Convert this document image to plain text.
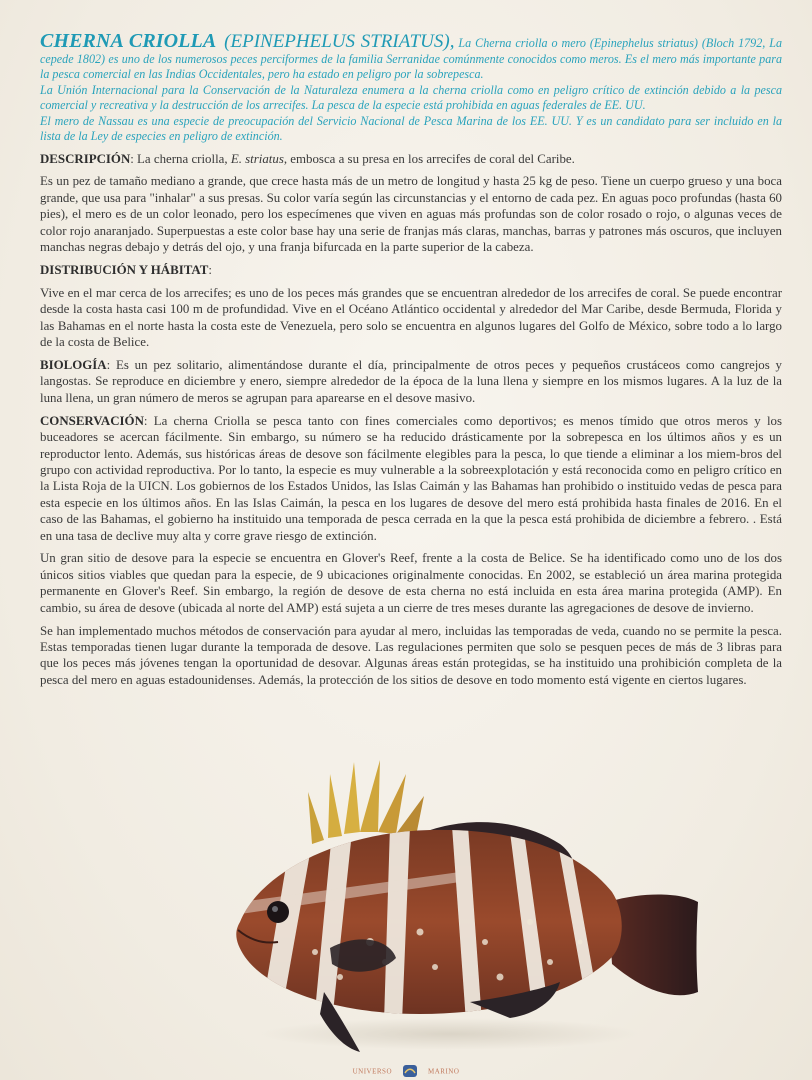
CHERNA CRIOLLA (EPINEPHELUS STRIATUS), La Cherna criolla o mero (Epinephelus striatus) (Bloch 1792, La cepede 1802) es uno de los numerosos peces perciformes de la familia Serranidae comúnmente conocidos como meros. Es el mero más importante para la pesca comercial en las Indias Occidentales, pero ha estado en peligro por la sobrepesca.

La Unión Internacional para la Conservación de la Naturaleza enumera a la cherna criolla como en peligro crítico de extinción debido a la pesca comercial y recreativa y la destrucción de los arrecifes. La pesca de la especie está prohibida en aguas federales de EE. UU.

El mero de Nassau es una especie de preocupación del Servicio Nacional de Pesca Marina de los EE. UU. Y es un candidato para ser incluido en la lista de la Ley de especies en peligro de extinción.

DESCRIPCIÓN: La cherna criolla, E. striatus, embosca a su presa en los arrecifes de coral del Caribe.

Es un pez de tamaño mediano a grande, que crece hasta más de un metro de longitud y hasta 25 kg de peso. Tiene un cuerpo grueso y una boca grande, que usa para "inhalar" a sus presas. Su color varía según las circunstancias y el entorno de cada pez. En aguas poco profundas (hasta 60 pies), el mero es de un color leonado, pero los especímenes que viven en aguas más profundas son de color rosado o rojo, o algunas veces de color rojo anaranjado. Superpuestas a este color base hay una serie de franjas más claras, manchas, barras y patrones más oscuros, que incluyen manchas negras debajo y detrás del ojo, y una franja bifurcada en la parte superior de la cabeza.

DISTRIBUCIÓN Y HÁBITAT:

Vive en el mar cerca de los arrecifes; es uno de los peces más grandes que se encuentran alrededor de los arrecifes de coral. Se puede encontrar desde la costa hasta casi 100 m de profundidad. Vive en el Océano Atlántico occidental y alrededor del Mar Caribe, desde Bermuda, Florida y las Bahamas en el norte hasta la costa este de Venezuela, pero solo se encuentra en algunos lugares del Golfo de México, sobre todo a lo largo de la costa de Belice.

BIOLOGÍA: Es un pez solitario, alimentándose durante el día, principalmente de otros peces y pequeños crustáceos como cangrejos y langostas. Se reproduce en diciembre y enero, siempre alrededor de la época de la luna llena y siempre en los mismos lugares. A la luz de la luna llena, un gran número de meros se agrupan para aparearse en el desove masivo.

CONSERVACIÓN: La cherna Criolla se pesca tanto con fines comerciales como deportivos; es menos tímido que otros meros y los buceadores se acercan fácilmente. Sin embargo, su número se ha reducido drásticamente por la sobrepesca en los últimos años y es un reproductor lento. Además, sus históricas áreas de desove son fácilmente elegibles para la pesca, lo que tiende a eliminar a los miem-bros del grupo con actividad reproductiva. Por lo tanto, la especie es muy vulnerable a la sobreexplotación y está reconocida como en peligro crítico en la Lista Roja de la UICN. Los gobiernos de los Estados Unidos, las Islas Caimán y las Bahamas han prohibido o instituido vedas de pesca para esta especie en los últimos años. En las Islas Caimán, la pesca en los lugares de desove del mero está prohibida hasta finales de 2016. En el caso de las Bahamas, el gobierno ha instituido una temporada de pesca cerrada en la que la pesca está prohibida de diciembre a febrero. . Está en una tasa de declive muy alta y corre grave riesgo de extinción.

Un gran sitio de desove para la especie se encuentra en Glover's Reef, frente a la costa de Belice. Se ha identificado como uno de los dos únicos sitios viables que quedan para la especie, de 9 ubicaciones originalmente conocidas. En 2002, se estableció un área marina protegida permanente en Glover's Reef. Sin embargo, la región de desove de esta cherna no está incluida en esta área marina protegida (AMP). En cambio, su área de desove (ubicada al norte del AMP) está sujeta a un cierre de tres meses durante las agregaciones de desove de invierno.

Se han implementado muchos métodos de conservación para ayudar al mero, incluidas las temporadas de veda, cuando no se permite la pesca. Estas temporadas tienen lugar durante la temporada de desove. Las regulaciones permiten que solo se pesquen peces de más de 3 libras para que los peces más jóvenes tengan la oportunidad de desovar. Algunas áreas están protegidas, se ha instituido una prohibición completa de la pesca del mero en aguas estadounidenses. Además, la protección de los sitios de desove en todo momento está vigente en ciertos lugares.

UNIVERSO	MARINO
